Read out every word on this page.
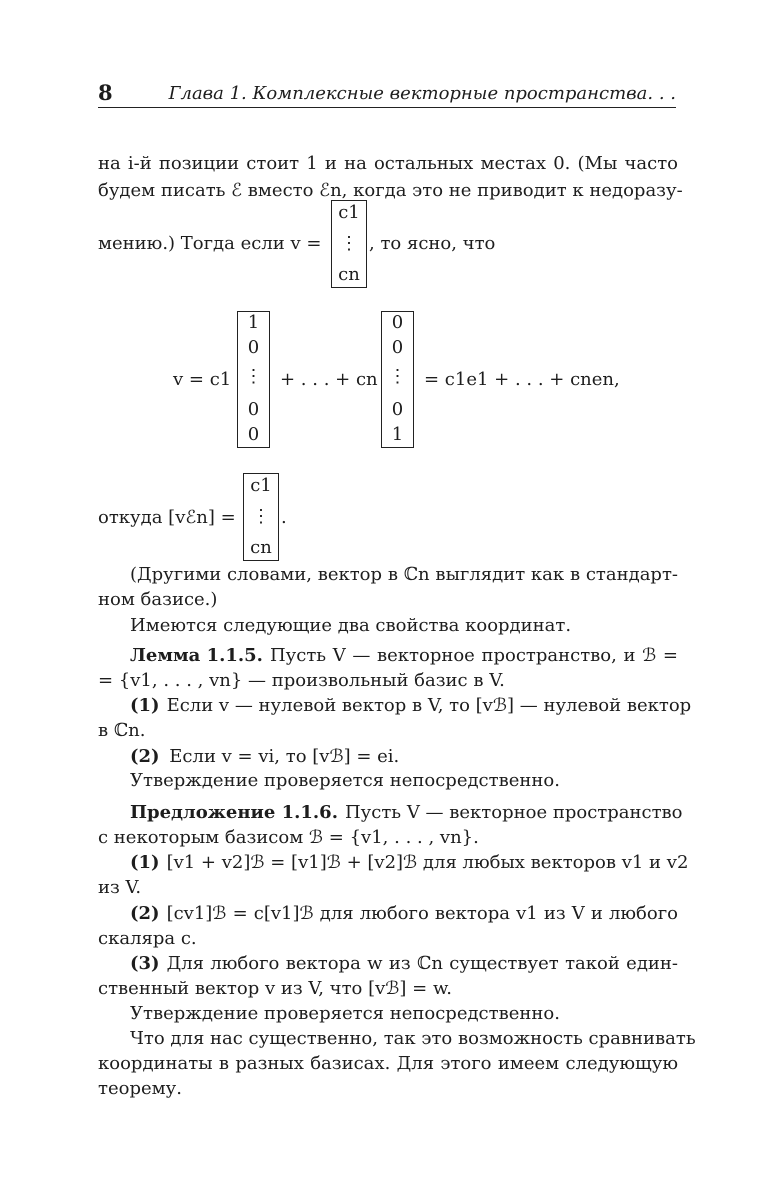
8	Глава 1. Комплексные векторные пространства. . .
на i-й позиции стоит 1 и на остальных местах 0. (Мы часто
будем писать ℰ вместо ℰn, когда это не приводит к недоразу-
мению.) Тогда если v =
c1
⋮
cn
, то ясно, что
v = c1
1
0
⋮
0
0
+ . . . + cn
0
0
⋮
0
1
= c1e1 + . . . + cnen,
откуда [vℰn] =
c1
⋮
cn
.
(Другими словами, вектор в ℂn выглядит как в стандарт-
ном базисе.)
Имеются следующие два свойства координат.
Лемма 1.1.5. Пусть V — векторное пространство, и ℬ =
= {v1, . . . , vn} — произвольный базис в V.
(1) Если v — нулевой вектор в V, то [vℬ] — нулевой вектор
в ℂn.
(2) Если v = vi, то [vℬ] = ei.
Утверждение проверяется непосредственно.
Предложение 1.1.6. Пусть V — векторное пространство
с некоторым базисом ℬ = {v1, . . . , vn}.
(1) [v1 + v2]ℬ = [v1]ℬ + [v2]ℬ для любых векторов v1 и v2
из V.
(2) [cv1]ℬ = c[v1]ℬ для любого вектора v1 из V и любого
скаляра c.
(3) Для любого вектора w из ℂn существует такой един-
ственный вектор v из V, что [vℬ] = w.
Утверждение проверяется непосредственно.
Что для нас существенно, так это возможность сравнивать
координаты в разных базисах. Для этого имеем следующую
теорему.
